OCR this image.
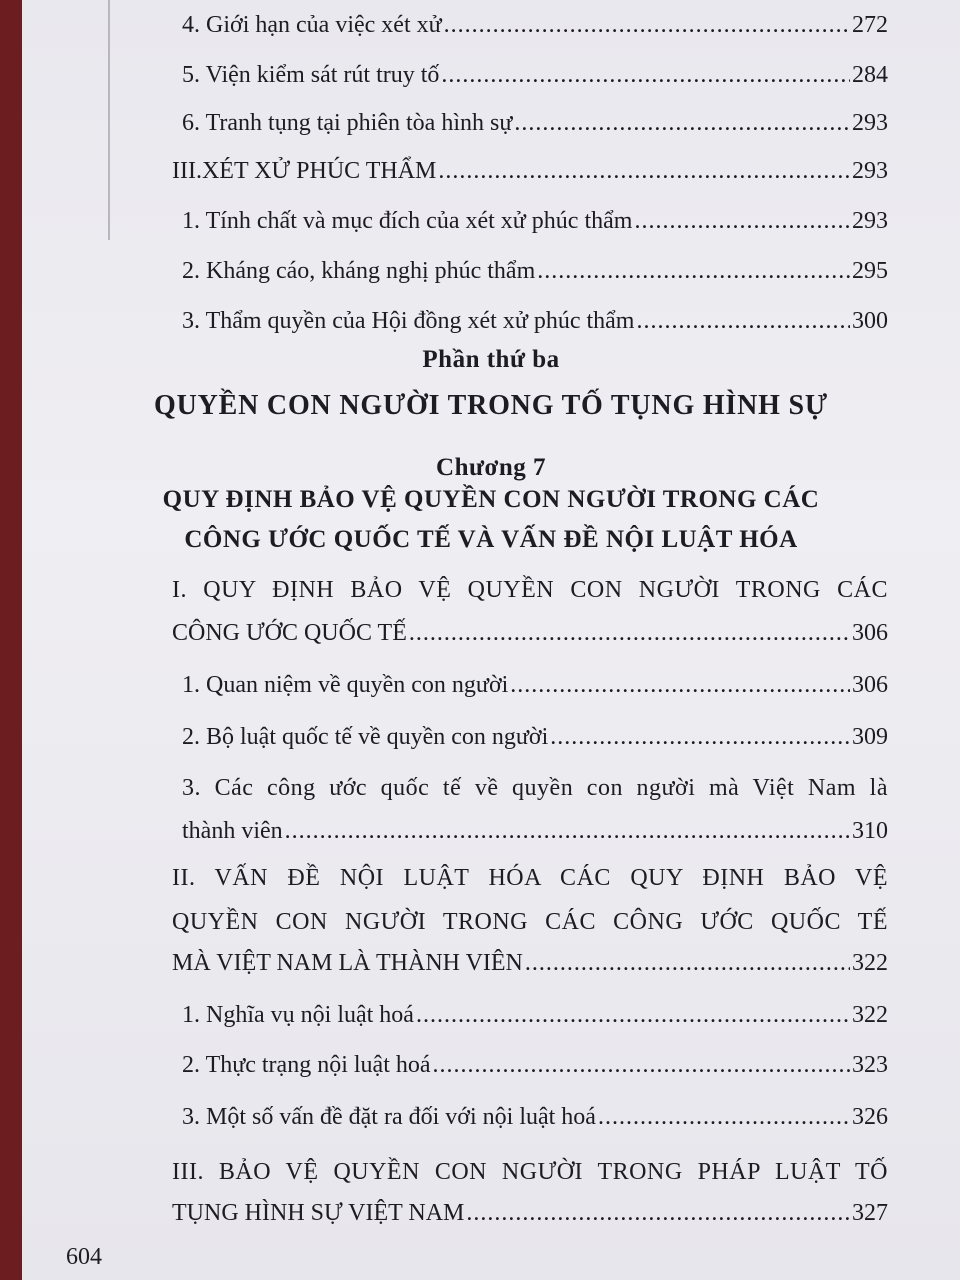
4. Giới hạn của việc xét xử .....	272
5. Viện kiểm sát rút truy tố .....	284
6. Tranh tụng tại phiên tòa hình sự .....	293
III.XÉT XỬ PHÚC THẨM .....	293
1. Tính chất và mục đích của xét xử phúc thẩm .....	293
2. Kháng cáo, kháng nghị phúc thẩm .....	295
3. Thẩm quyền của Hội đồng xét xử phúc thẩm .....	300
Phần thứ ba
QUYỀN CON NGƯỜI TRONG TỐ TỤNG HÌNH SỰ
Chương 7
QUY ĐỊNH BẢO VỆ QUYỀN CON NGƯỜI TRONG CÁC
CÔNG ƯỚC QUỐC TẾ VÀ VẤN ĐỀ NỘI LUẬT HÓA
I. QUY ĐỊNH BẢO VỆ QUYỀN CON NGƯỜI TRONG CÁC
CÔNG ƯỚC QUỐC TẾ .....	306
1. Quan niệm về quyền con người .....	306
2. Bộ luật quốc tế về quyền con người .....	309
3. Các công ước quốc tế về quyền con người mà Việt Nam là
thành viên .....	310
II. VẤN ĐỀ NỘI LUẬT HÓA CÁC QUY ĐỊNH BẢO VỆ
QUYỀN CON NGƯỜI TRONG CÁC CÔNG ƯỚC QUỐC TẾ
MÀ VIỆT NAM LÀ THÀNH VIÊN .....	322
1. Nghĩa vụ nội luật hoá .....	322
2. Thực trạng nội luật hoá .....	323
3. Một số vấn đề đặt ra đối với nội luật hoá .....	326
III. BẢO VỆ QUYỀN CON NGƯỜI TRONG PHÁP LUẬT TỐ
TỤNG HÌNH SỰ VIỆT NAM .....	327
604
